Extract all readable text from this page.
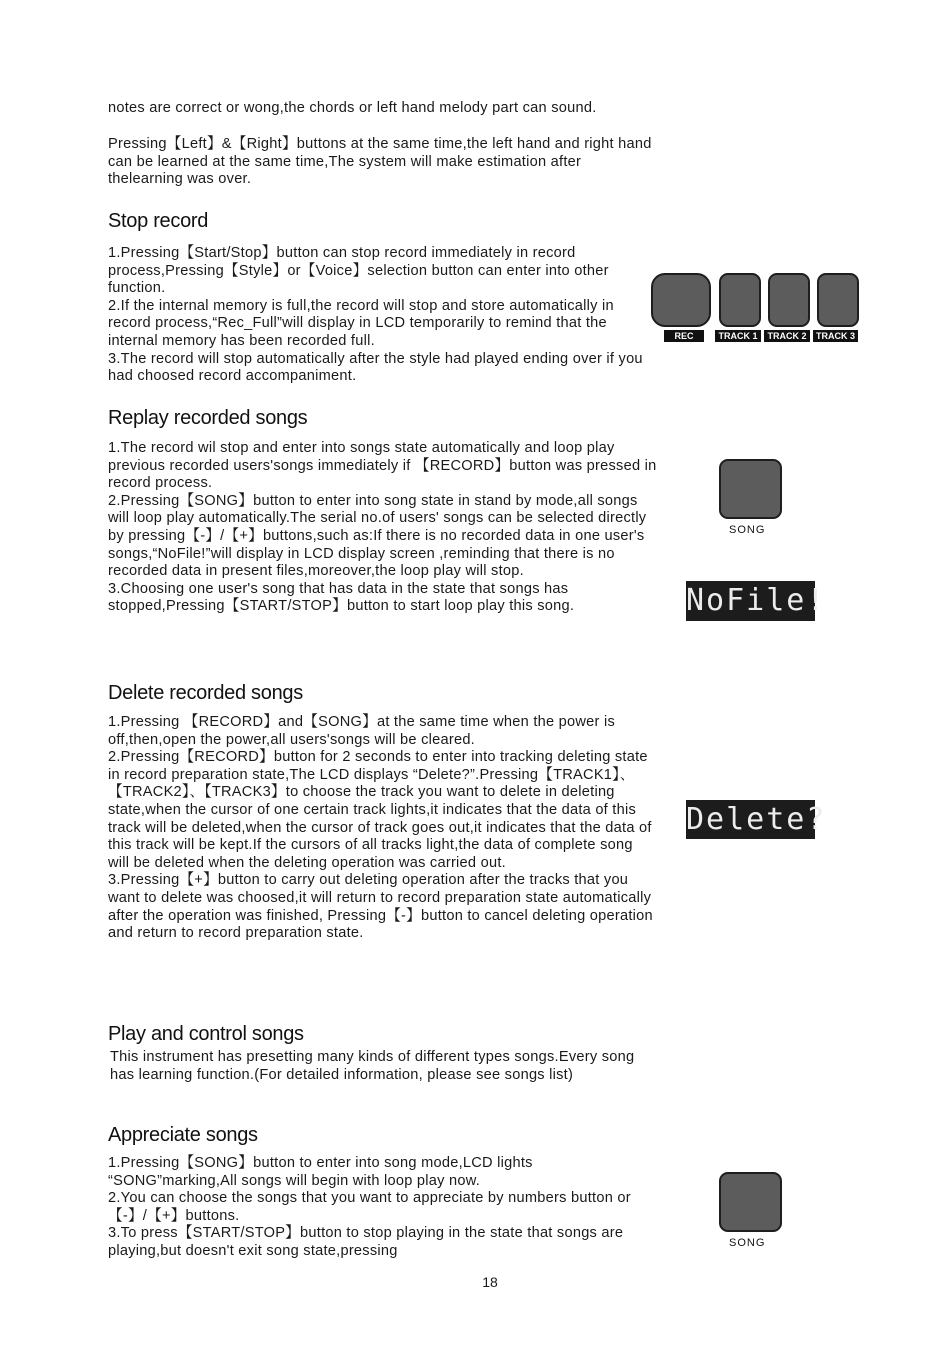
notes are correct or wong,the chords or left hand melody part can sound.

Pressing【Left】&【Right】buttons at the same time,the left hand and right hand can be learned at the same time,The system will make estimation after thelearning was over.

Stop record

1.Pressing【Start/Stop】button can stop record immediately in record process,Pressing【Style】or【Voice】selection button can enter into other function.
2.If the internal memory is full,the record will stop and store automatically in record process,“Rec_Full”will display in LCD temporarily to remind that the internal memory has been recorded full.
3.The record will stop automatically after the style had played ending over if you had choosed record accompaniment.

REC	TRACK 1	TRACK 2	TRACK 3
Replay recorded songs

1.The record wil stop and enter into songs state automatically and loop play previous recorded users'songs immediately if 【RECORD】button was pressed in record process.
2.Pressing【SONG】button to enter into song state in stand by mode,all songs will loop play automatically.The serial no.of users' songs can be selected directly by pressing【-】/【+】buttons,such as:If there is no recorded data in one user's songs,“NoFile!”will display in LCD display screen ,reminding that there is no recorded data in present files,moreover,the loop play will stop.
3.Choosing one user's song that has data in the state that songs has stopped,Pressing【START/STOP】button to start loop play this song.

SONG
NoFile!
Delete recorded songs

1.Pressing 【RECORD】and【SONG】at the same time when the power is off,then,open the power,all users'songs will be cleared.
2.Pressing【RECORD】button for 2 seconds to enter into tracking deleting state in record preparation state,The LCD displays “Delete?”.Pressing【TRACK1】、【TRACK2】、【TRACK3】to choose the track you want to delete in deleting state,when the cursor of one certain track lights,it indicates that the data of this track will be deleted,when the cursor of track goes out,it indicates that the data of this track will be kept.If the cursors of all tracks light,the data of complete song will be deleted when the deleting operation was carried out.
3.Pressing【+】button to carry out deleting operation after the tracks that you want to delete was choosed,it will return to record preparation state automatically after the operation was finished, Pressing【-】button to cancel deleting operation and return to record preparation state.

Delete?
Play and control songs

This instrument has presetting many kinds of different types songs.Every song has learning function.(For detailed information, please see songs list)

Appreciate songs

1.Pressing【SONG】button to enter into song mode,LCD lights “SONG”marking,All songs will begin with loop play now.
2.You can choose the songs that you want to appreciate by numbers button or【-】/【+】buttons.
3.To press【START/STOP】button to stop playing in the state that songs are playing,but doesn't exit song state,pressing	SONG
18
